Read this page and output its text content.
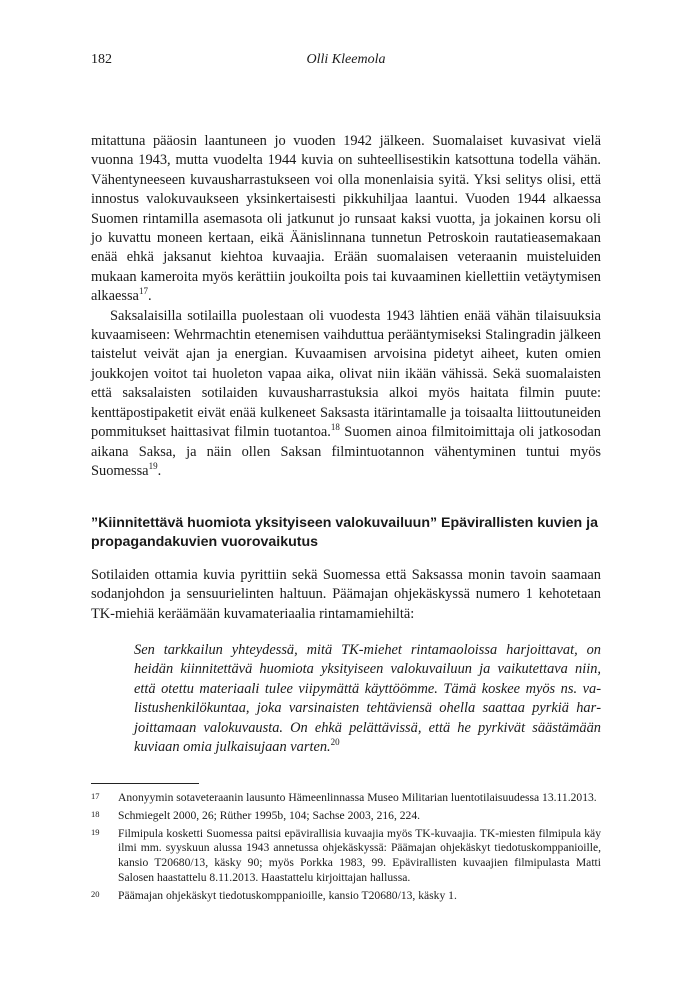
182	Olli Kleemola

mitattuna pääosin laantuneen jo vuoden 1942 jälkeen. Suomalaiset kuvasivat vielä vuonna 1943, mutta vuodelta 1944 kuvia on suhteellisestikin katsottuna todella vähän. Vähentyneeseen kuvausharrastukseen voi olla monenlaisia syitä. Yksi selitys olisi, että innostus valokuvaukseen yksinkertaisesti pikkuhiljaa laantui. Vuoden 1944 alkaessa Suomen rintamilla asemasota oli jatkunut jo runsaat kaksi vuotta, ja jokainen korsu oli jo kuvattu moneen kertaan, eikä Äänislinnana tunnetun Petroskoin rautatieasemakaan enää ehkä jaksanut kiehtoa kuvaajia. Erään suomalaisen veteraanin muisteluiden mukaan kameroita myös kerättiin joukoilta pois tai kuvaaminen kiellettiin vetäytymisen alkaessa$^{17}$.

Saksalaisilla sotilailla puolestaan oli vuodesta 1943 lähtien enää vähän tilaisuuksia kuvaamiseen: Wehrmachtin etenemisen vaihduttua perääntymiseksi Stalingradin jälkeen taistelut veivät ajan ja energian. Kuvaamisen arvoisina pidetyt aiheet, kuten omien joukkojen voitot tai huoleton vapaa aika, olivat niin ikään vähissä. Sekä suomalaisten että saksalaisten sotilaiden kuvausharrastuksia alkoi myös haitata filmin puute: kenttäpostipaketit eivät enää kulkeneet Saksasta itärintamalle ja toisaalta liittoutuneiden pommitukset haittasivat filmin tuotantoa.$^{18}$ Suomen ainoa filmitoimittaja oli jatkosodan aikana Saksa, ja näin ollen Saksan filmintuotannon vähentyminen tuntui myös Suomessa$^{19}$.

”Kiinnitettävä huomiota yksityiseen valokuvailuun” Epävirallisten kuvien ja propagandakuvien vuorovaikutus

Sotilaiden ottamia kuvia pyrittiin sekä Suomessa että Saksassa monin tavoin saamaan sodanjohdon ja sensuurielinten haltuun. Päämajan ohjekäskyssä numero 1 kehotetaan TK-miehiä keräämään kuvamateriaalia rintamamiehiltä:

Sen tarkkailun yhteydessä, mitä TK-miehet rintamaoloissa harjoittavat, on heidän kiinnitettävä huomiota yksityiseen valokuvailuun ja vaikutettava niin, että otettu materiaali tulee viipymättä käyttöömme. Tämä koskee myös ns. valistushenkilökuntaa, joka varsinaisten tehtäviensä ohella saattaa pyrkiä harjoittamaan valokuvausta. On ehkä pelättävissä, että he pyrkivät säästämään kuviaan omia julkaisujaan varten.$^{20}$

17 Anonyymin sotaveteraanin lausunto Hämeenlinnassa Museo Militarian luentotilaisuudessa 13.11.2013.
18 Schmiegelt 2000, 26; Rüther 1995b, 104; Sachse 2003, 216, 224.
19 Filmipula kosketti Suomessa paitsi epävirallisia kuvaajia myös TK-kuvaajia. TK-miesten filmipula käy ilmi mm. syyskuun alussa 1943 annetussa ohjekäskyssä: Päämajan ohjekäskyt tiedotuskomppanioille, kansio T20680/13, käsky 90; myös Porkka 1983, 99. Epävirallisten kuvaajien filmipulasta Matti Salosen haastattelu 8.11.2013. Haastattelu kirjoittajan hallussa.
20 Päämajan ohjekäskyt tiedotuskomppanioille, kansio T20680/13, käsky 1.
